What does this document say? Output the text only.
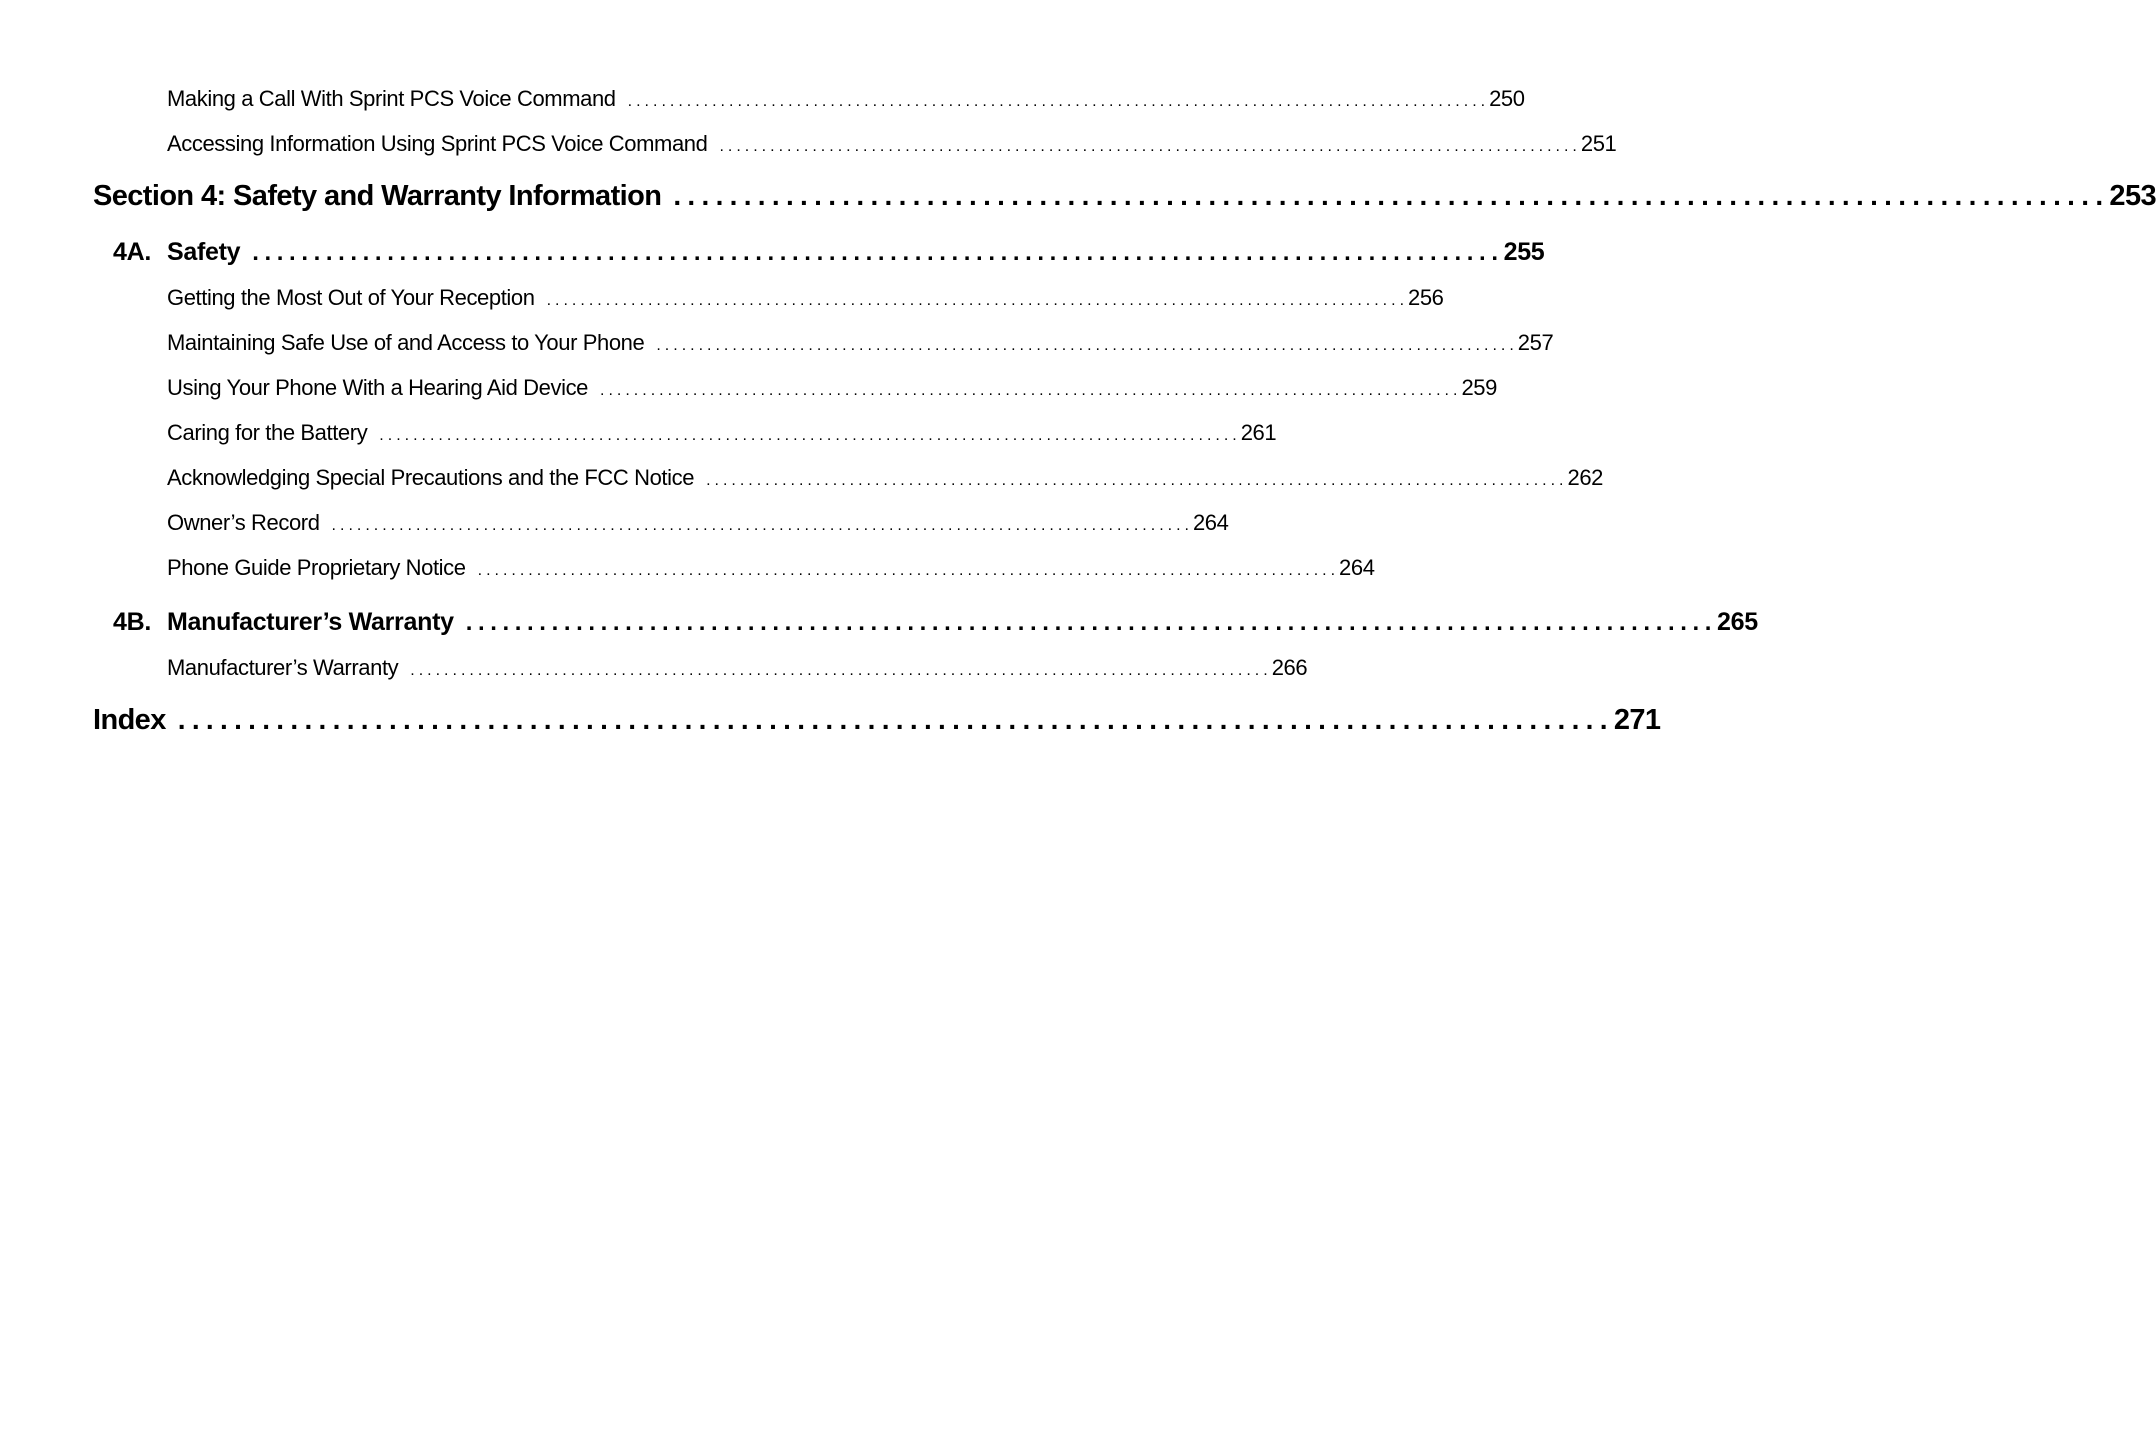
Making a Call With Sprint PCS Voice Command ...................................................................................................... 250
Accessing Information Using Sprint PCS Voice Command ...................................................................................................... 251
Section 4: Safety and Warranty Information ...................................................................................................... 253
4A. Safety ...................................................................................................... 255
Getting the Most Out of Your Reception ...................................................................................................... 256
Maintaining Safe Use of and Access to Your Phone ...................................................................................................... 257
Using Your Phone With a Hearing Aid Device ...................................................................................................... 259
Caring for the Battery ...................................................................................................... 261
Acknowledging Special Precautions and the FCC Notice ...................................................................................................... 262
Owner’s Record ...................................................................................................... 264
Phone Guide Proprietary Notice ...................................................................................................... 264
4B. Manufacturer’s Warranty ...................................................................................................... 265
Manufacturer’s Warranty ...................................................................................................... 266
Index ...................................................................................................... 271
